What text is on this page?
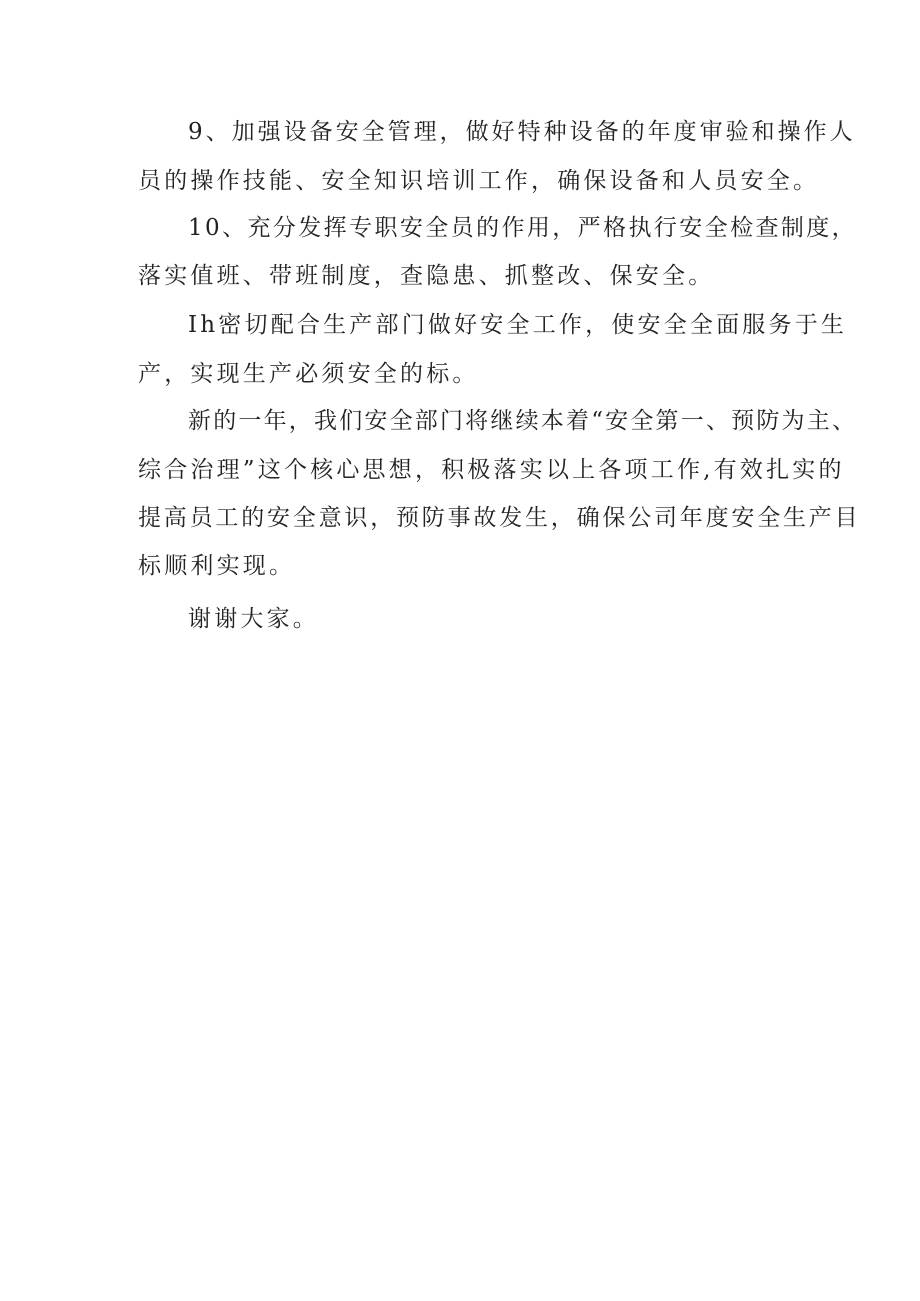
9、加强设备安全管理，做好特种设备的年度审验和操作人
员的操作技能、安全知识培训工作，确保设备和人员安全。
10、充分发挥专职安全员的作用，严格执行安全检查制度，
落实值班、带班制度，查隐患、抓整改、保安全。
Ih密切配合生产部门做好安全工作，使安全全面服务于生
产，实现生产必须安全的标。
新的一年，我们安全部门将继续本着“安全第一、预防为主、
综合治理”这个核心思想，积极落实以上各项工作,有效扎实的
提高员工的安全意识，预防事故发生，确保公司年度安全生产目
标顺利实现。
谢谢大家。
